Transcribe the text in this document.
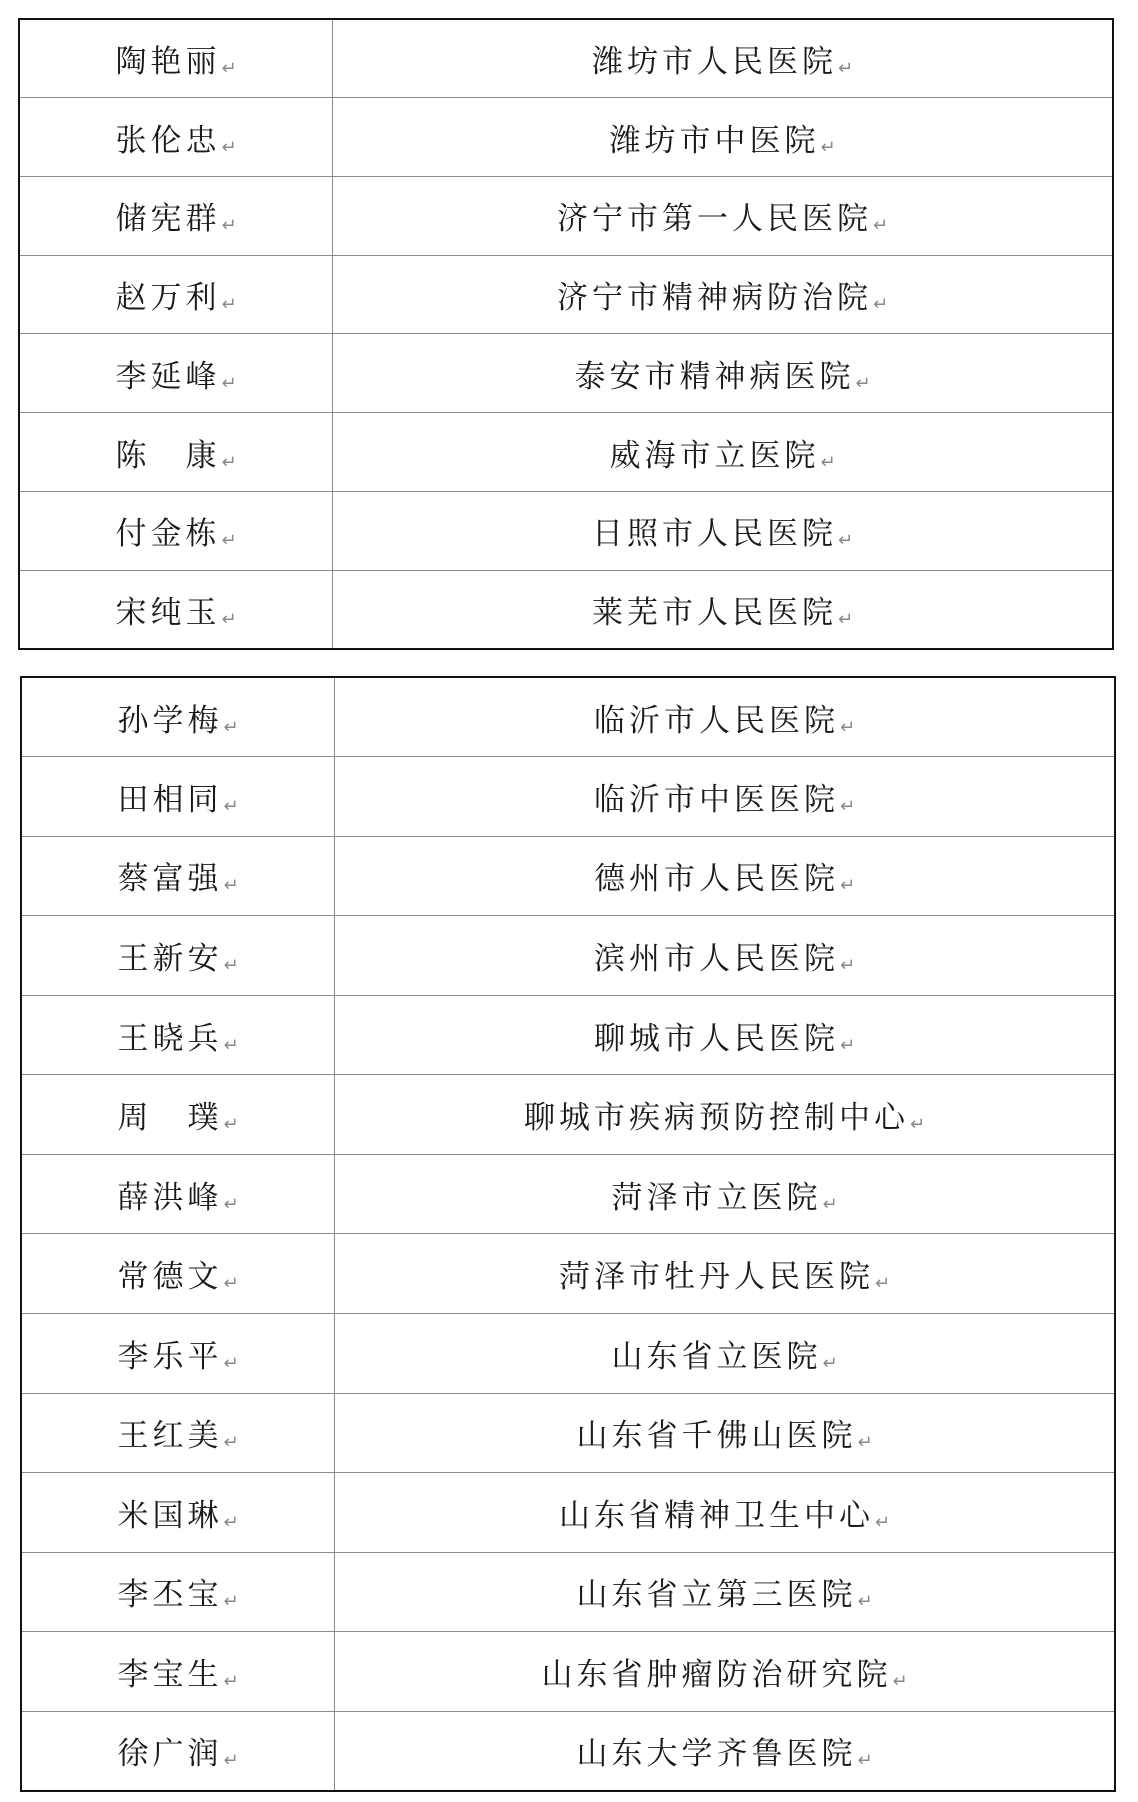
陶艳丽↵	潍坊市人民医院↵
张伦忠↵	潍坊市中医院↵
储宪群↵	济宁市第一人民医院↵
赵万利↵	济宁市精神病防治院↵
李延峰↵	泰安市精神病医院↵
陈　康↵	威海市立医院↵
付金栋↵	日照市人民医院↵
宋纯玉↵	莱芜市人民医院↵
孙学梅↵	临沂市人民医院↵
田相同↵	临沂市中医医院↵
蔡富强↵	德州市人民医院↵
王新安↵	滨州市人民医院↵
王晓兵↵	聊城市人民医院↵
周　璞↵	聊城市疾病预防控制中心↵
薛洪峰↵	菏泽市立医院↵
常德文↵	菏泽市牡丹人民医院↵
李乐平↵	山东省立医院↵
王红美↵	山东省千佛山医院↵
米国琳↵	山东省精神卫生中心↵
李丕宝↵	山东省立第三医院↵
李宝生↵	山东省肿瘤防治研究院↵
徐广润↵	山东大学齐鲁医院↵
